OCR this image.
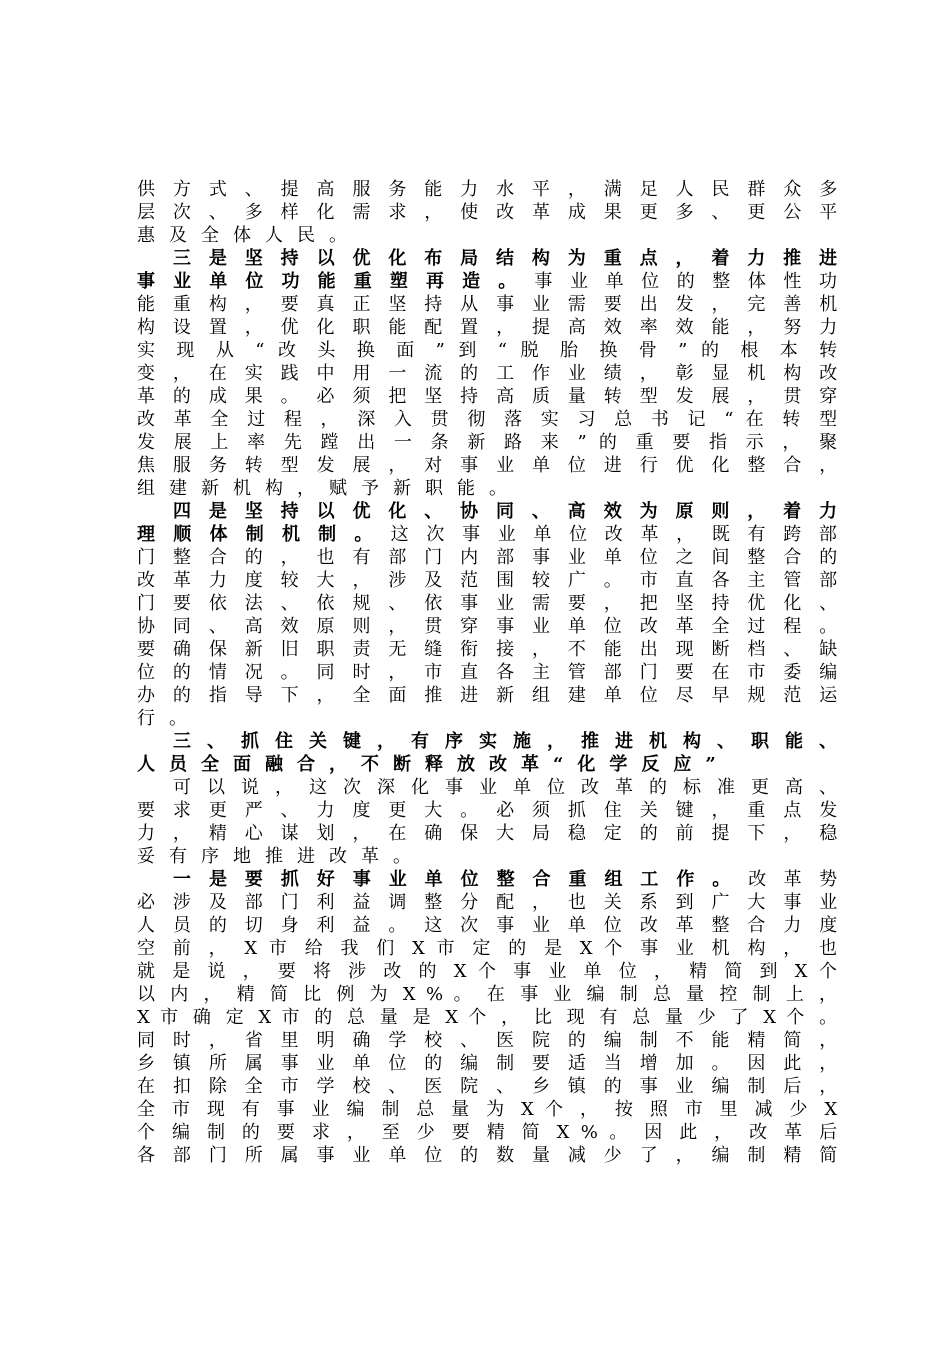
供 方 式 、 提 高 服 务 能 力 水 平 ， 满 足 人 民 群 众 多
层 次 、 多 样 化 需 求 ， 使 改 革 成 果 更 多 、 更 公 平
惠及全体人民。
三 是 坚 持 以 优 化 布 局 结 构 为 重 点 ， 着 力 推 进
事 业 单 位 功 能 重 塑 再 造 。 事 业 单 位 的 整 体 性 功
能 重 构 ， 要 真 正 坚 持 从 事 业 需 要 出 发 ， 完 善 机
构 设 置 ， 优 化 职 能 配 置 ， 提 高 效 率 效 能 ， 努 力
实 现 从 “ 改 头 换 面 ” 到 “ 脱 胎 换 骨 ” 的 根 本 转
变 ， 在 实 践 中 用 一 流 的 工 作 业 绩 ， 彰 显 机 构 改
革 的 成 果 。 必 须 把 坚 持 高 质 量 转 型 发 展 ， 贯 穿
改 革 全 过 程 ， 深 入 贯 彻 落 实 习 总 书 记 “ 在 转 型
发 展 上 率 先 蹚 出 一 条 新 路 来 ” 的 重 要 指 示 ， 聚
焦 服 务 转 型 发 展 ， 对 事 业 单 位 进 行 优 化 整 合 ，
组建新机构，赋予新职能。
四 是 坚 持 以 优 化 、 协 同 、 高 效 为 原 则 ， 着 力
理 顺 体 制 机 制 。 这 次 事 业 单 位 改 革 ， 既 有 跨 部
门 整 合 的 ， 也 有 部 门 内 部 事 业 单 位 之 间 整 合 的
改 革 力 度 较 大 ， 涉 及 范 围 较 广 。 市 直 各 主 管 部
门 要 依 法 、 依 规 、 依 事 业 需 要 ， 把 坚 持 优 化 、
协 同 、 高 效 原 则 ， 贯 穿 事 业 单 位 改 革 全 过 程 。
要 确 保 新 旧 职 责 无 缝 衔 接 ， 不 能 出 现 断 档 、 缺
位 的 情 况 。 同 时 ， 市 直 各 主 管 部 门 要 在 市 委 编
办 的 指 导 下 ， 全 面 推 进 新 组 建 单 位 尽 早 规 范 运
行。
三 、 抓 住 关 键 ， 有 序 实 施 ， 推 进 机 构 、 职 能 、
人员全面融合，不断释放改革“化学反应”
可 以 说 ， 这 次 深 化 事 业 单 位 改 革 的 标 准 更 高 、
要 求 更 严 、 力 度 更 大 。 必 须 抓 住 关 键 ， 重 点 发
力 ， 精 心 谋 划 ， 在 确 保 大 局 稳 定 的 前 提 下 ， 稳
妥有序地推进改革。
一 是 要 抓 好 事 业 单 位 整 合 重 组 工 作 。 改 革 势
必 涉 及 部 门 利 益 调 整 分 配 ， 也 关 系 到 广 大 事 业
人 员 的 切 身 利 益 。 这 次 事 业 单 位 改 革 整 合 力 度
空 前 ， X 市 给 我 们 X 市 定 的 是 X 个 事 业 机 构 ， 也
就 是 说 ， 要 将 涉 改 的 X 个 事 业 单 位 ， 精 简 到 X 个
以 内 ， 精 简 比 例 为 X % 。 在 事 业 编 制 总 量 控 制 上 ，
X 市 确 定 X 市 的 总 量 是 X 个 ， 比 现 有 总 量 少 了 X 个 。
同 时 ， 省 里 明 确 学 校 、 医 院 的 编 制 不 能 精 简 ，
乡 镇 所 属 事 业 单 位 的 编 制 要 适 当 增 加 。 因 此 ，
在 扣 除 全 市 学 校 、 医 院 、 乡 镇 的 事 业 编 制 后 ，
全 市 现 有 事 业 编 制 总 量 为 X 个 ， 按 照 市 里 减 少 X
个 编 制 的 要 求 ， 至 少 要 精 简 X % 。 因 此 ， 改 革 后
各 部 门 所 属 事 业 单 位 的 数 量 减 少 了 ， 编 制 精 简
